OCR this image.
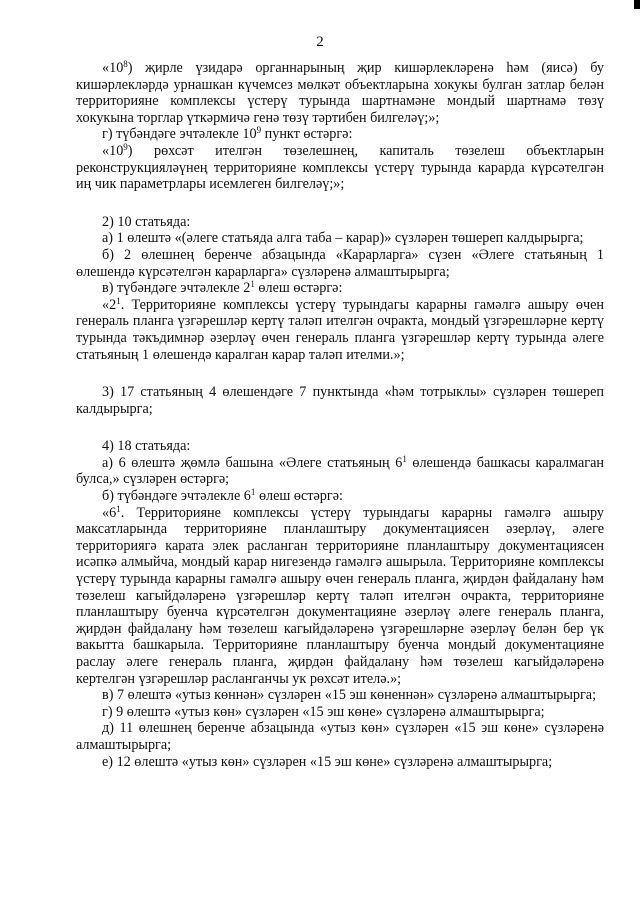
2

«$10^8$) җирле үзидарә органнарының җир кишәрлекләренә һәм (яисә) бу кишәрлекләрдә урнашкан күчемсез мөлкәт объектларына хокукы булган затлар белән территорияне комплексы үстерү турында шартнамәне мондый шартнамә төзү хокукына торглар үткәрмичә генә төзү тәртибен билгеләү;»;

г) түбәндәге эчтәлекле $10^9$ пункт өстәргә:

«$10^9$) рөхсәт ителгән төзелешнең, капиталь төзелеш объектларын реконструкцияләүнең территорияне комплексы үстерү турында карарда күрсәтелгән иң чик параметрлары исемлеген билгеләү;»;

2) 10 статьяда:

а) 1 өлештә «(әлеге статьяда алга таба – карар)» сүзләрен төшереп калдырырга;

б) 2 өлешнең беренче абзацында «Карарларга» сүзен «Әлеге статьяның 1 өлешендә күрсәтелгән карарларга» сүзләренә алмаштырырга;

в) түбәндәге эчтәлекле $2^1$ өлеш өстәргә:

«$2^1$. Территорияне комплексы үстерү турындагы карарны гамәлгә ашыру өчен генераль планга үзгәрешләр кертү таләп ителгән очракта, мондый үзгәрешләрне кертү турында тәкъдимнәр әзерләү өчен генераль планга үзгәрешләр кертү турында әлеге статьяның 1 өлешендә каралган карар таләп ителми.»;

3) 17 статьяның 4 өлешендәге 7 пунктында «һәм тотрыклы» сүзләрен төшереп калдырырга;

4) 18 статьяда:

а) 6 өлештә җөмлә башына «Әлеге статьяның $6^1$ өлешендә башкасы каралмаган булса,» сүзләрен өстәргә;

б) түбәндәге эчтәлекле $6^1$ өлеш өстәргә:

«$6^1$. Территорияне комплексы үстерү турындагы карарны гамәлгә ашыру максатларында территорияне планлаштыру документациясен әзерләү, әлеге территориягә карата элек расланган территорияне планлаштыру документациясен исәпкә алмыйча, мондый карар нигезендә гамәлгә ашырыла. Территорияне комплексы үстерү турында карарны гамәлгә ашыру өчен генераль планга, җирдән файдалану һәм төзелеш кагыйдәләренә үзгәрешләр кертү таләп ителгән очракта, территорияне планлаштыру буенча күрсәтелгән документацияне әзерләү әлеге генераль планга, җирдән файдалану һәм төзелеш кагыйдәләренә үзгәрешләрне әзерләү белән бер үк вакытта башкарыла. Территорияне планлаштыру буенча мондый документацияне раслау әлеге генераль планга, җирдән файдалану һәм төзелеш кагыйдәләренә кертелгән үзгәрешләр расланганчы ук рөхсәт ителә.»;

в) 7 өлештә «утыз көннән» сүзләрен «15 эш көненнән» сүзләренә алмаштырырга;

г) 9 өлештә «утыз көн» сүзләрен «15 эш көне» сүзләренә алмаштырырга;

д) 11 өлешнең беренче абзацында «утыз көн» сүзләрен «15 эш көне» сүзләренә алмаштырырга;

е) 12 өлештә «утыз көн» сүзләрен «15 эш көне» сүзләренә алмаштырырга;
